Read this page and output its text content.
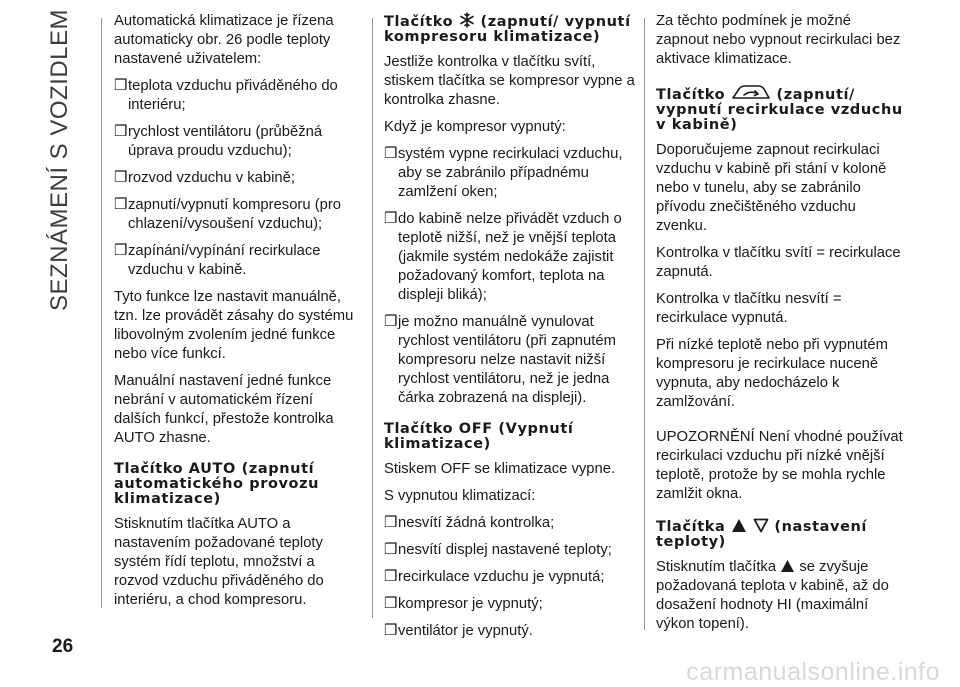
SEZNÁMENÍ S VOZIDLEM
26
carmanualsonline.info

Automatická klimatizace je řízena automaticky obr. 26 podle teploty nastavené uživatelem:

❒ teplota vzduchu přiváděného do interiéru;
❒ rychlost ventilátoru (průběžná úprava proudu vzduchu);
❒ rozvod vzduchu v kabině;
❒ zapnutí/vypnutí kompresoru (pro chlazení/vysoušení vzduchu);
❒ zapínání/vypínání recirkulace vzduchu v kabině.

Tyto funkce lze nastavit manuálně, tzn. lze provádět zásahy do systému libovolným zvolením jedné funkce nebo více funkcí.

Manuální nastavení jedné funkce nebrání v automatickém řízení dalších funkcí, přestože kontrolka AUTO zhasne.

Tlačítko AUTO (zapnutí automatického provozu klimatizace)

Stisknutím tlačítka AUTO a nastavením požadované teploty systém řídí teplotu, množství a rozvod vzduchu přiváděného do interiéru, a chod kompresoru.

Tlačítko (zapnutí/ vypnutí kompresoru klimatizace)

Jestliže kontrolka v tlačítku svítí, stiskem tlačítka se kompresor vypne a kontrolka zhasne.

Když je kompresor vypnutý:

❒ systém vypne recirkulaci vzduchu, aby se zabránilo případnému zamlžení oken;
❒ do kabině nelze přivádět vzduch o teplotě nižší, než je vnější teplota (jakmile systém nedokáže zajistit požadovaný komfort, teplota na displeji bliká);
❒ je možno manuálně vynulovat rychlost ventilátoru (při zapnutém kompresoru nelze nastavit nižší rychlost ventilátoru, než je jedna čárka zobrazená na displeji).
Tlačítko OFF (Vypnutí klimatizace)

Stiskem OFF se klimatizace vypne.

S vypnutou klimatizací:

❒ nesvítí žádná kontrolka;
❒ nesvítí displej nastavené teploty;
❒ recirkulace vzduchu je vypnutá;
❒ kompresor je vypnutý;
❒ ventilátor je vypnutý.

Za těchto podmínek je možné zapnout nebo vypnout recirkulaci bez aktivace klimatizace.

Tlačítko	(zapnutí/ vypnutí recirkulace vzduchu v kabině)

Doporučujeme zapnout recirkulaci vzduchu v kabině při stání v koloně nebo v tunelu, aby se zabránilo přívodu znečištěného vzduchu zvenku.

Kontrolka v tlačítku svítí = recirkulace zapnutá.

Kontrolka v tlačítku nesvítí = recirkulace vypnutá.

Při nízké teplotě nebo při vypnutém kompresoru je recirkulace nuceně vypnuta, aby nedocházelo k zamlžování.

UPOZORNĚNÍ Není vhodné používat recirkulaci vzduchu při nízké vnější teplotě, protože by se mohla rychle zamlžit okna.

Tlačítka
	(nastavení teploty)

Stisknutím tlačítka se zvyšuje požadovaná teplota v kabině, až do dosažení hodnoty HI (maximální výkon topení).
